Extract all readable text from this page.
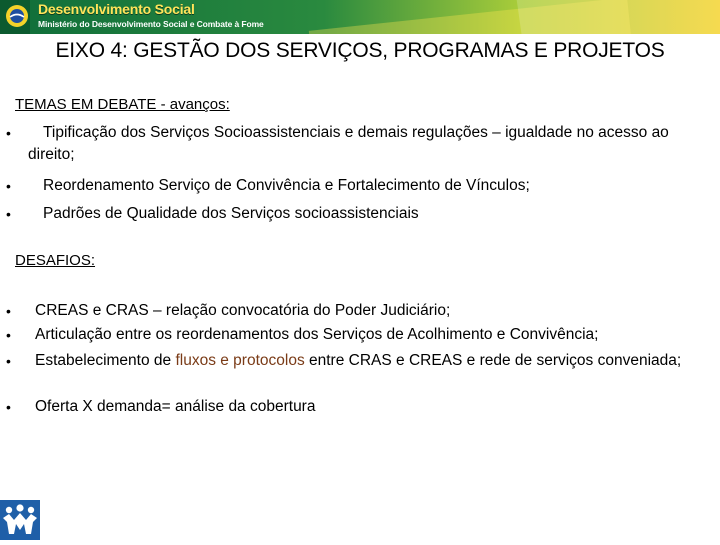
Desenvolvimento Social
Ministério do Desenvolvimento Social e Combate à Fome
EIXO 4: GESTÃO DOS SERVIÇOS, PROGRAMAS E PROJETOS
TEMAS EM DEBATE - avanços:
•	Tipificação dos Serviços Socioassistenciais e demais regulações – igualdade no acesso ao direito;
• Reordenamento Serviço de Convivência e Fortalecimento de Vínculos;
• Padrões de Qualidade dos Serviços socioassistenciais
DESAFIOS:
• CREAS e CRAS – relação convocatória do Poder Judiciário;
• Articulação entre os reordenamentos dos Serviços de Acolhimento e Convivência;
• Estabelecimento de fluxos e protocolos entre CRAS e CREAS e rede de serviços conveniada;
• Oferta X demanda= análise da cobertura
